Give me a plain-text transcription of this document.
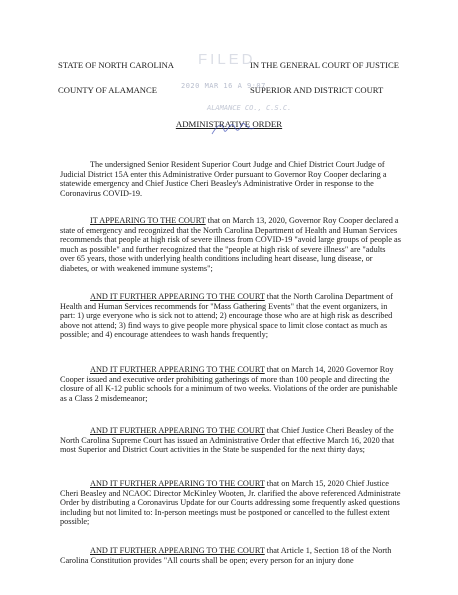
STATE OF NORTH CAROLINA	IN THE GENERAL COURT OF JUSTICE
COUNTY OF ALAMANCE	SUPERIOR AND DISTRICT COURT
FILED
2020 MAR 16 A 9:07
ALAMANCE CO., C.S.C.
ADMINISTRATIVE ORDER
The undersigned Senior Resident Superior Court Judge and Chief District Court Judge of Judicial District 15A enter this Administrative Order pursuant to Governor Roy Cooper declaring a statewide emergency and Chief Justice Cheri Beasley's Administrative Order in response to the Coronavirus COVID-19.
IT APPEARING TO THE COURT that on March 13, 2020, Governor Roy Cooper declared a state of emergency and recognized that the North Carolina Department of Health and Human Services recommends that people at high risk of severe illness from COVID-19 "avoid large groups of people as much as possible" and further recognized that the "people at high risk of severe illness" are "adults over 65 years, those with underlying health conditions including heart disease, lung disease, or diabetes, or with weakened immune systems";
AND IT FURTHER APPEARING TO THE COURT that the North Carolina Department of Health and Human Services recommends for "Mass Gathering Events" that the event organizers, in part: 1) urge everyone who is sick not to attend; 2) encourage those who are at high risk as described above not attend; 3) find ways to give people more physical space to limit close contact as much as possible; and 4) encourage attendees to wash hands frequently;
AND IT FURTHER APPEARING TO THE COURT that on March 14, 2020 Governor Roy Cooper issued and executive order prohibiting gatherings of more than 100 people and directing the closure of all K-12 public schools for a minimum of two weeks. Violations of the order are punishable as a Class 2 misdemeanor;
AND IT FURTHER APPEARING TO THE COURT that Chief Justice Cheri Beasley of the North Carolina Supreme Court has issued an Administrative Order that effective March 16, 2020 that most Superior and District Court activities in the State be suspended for the next thirty days;
AND IT FURTHER APPEARING TO THE COURT that on March 15, 2020 Chief Justice Cheri Beasley and NCAOC Director McKinley Wooten, Jr. clarified the above referenced Administrate Order by distributing a Coronavirus Update for our Courts addressing some frequently asked questions including but not limited to: In-person meetings must be postponed or cancelled to the fullest extent possible;
AND IT FURTHER APPEARING TO THE COURT that Article 1, Section 18 of the North Carolina Constitution provides "All courts shall be open; every person for an injury done
